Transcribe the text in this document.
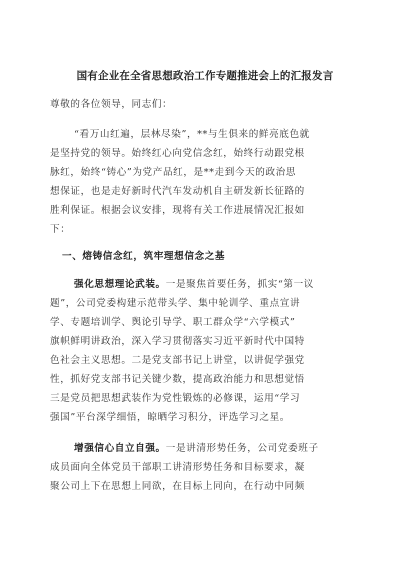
国有企业在全省思想政治工作专题推进会上的汇报发言
尊敬的各位领导，同志们：
“看万山红遍，层林尽染”，**与生俱来的鲜亮底色就
是坚持党的领导。始终红心向党信念红，始终行动跟党根
脉红，始终“铸心”为党产品红，是**走到今天的政治思
想保证，也是走好新时代汽车发动机自主研发新长征路的
胜利保证。根据会议安排，现将有关工作进展情况汇报如
下：
一、熔铸信念红，筑牢理想信念之基
强化思想理论武装。一是聚焦首要任务，抓实“第一议
题”，公司党委构建示范带头学、集中轮训学、重点宣讲
学、专题培训学、舆论引导学、职工群众学“六学模式”
旗帜鲜明讲政治，深入学习贯彻落实习近平新时代中国特
色社会主义思想。二是党支部书记上讲堂，以讲促学强党
性，抓好党支部书记关键少数，提高政治能力和思想觉悟
三是党员把思想武装作为党性锻炼的必修课，运用“学习
强国”平台深学细悟，晾晒学习积分，评选学习之星。
增强信心自立自强。一是讲清形势任务，公司党委班子
成员面向全体党员干部职工讲清形势任务和目标要求，凝
聚公司上下在思想上同欲，在目标上同向，在行动中同频
